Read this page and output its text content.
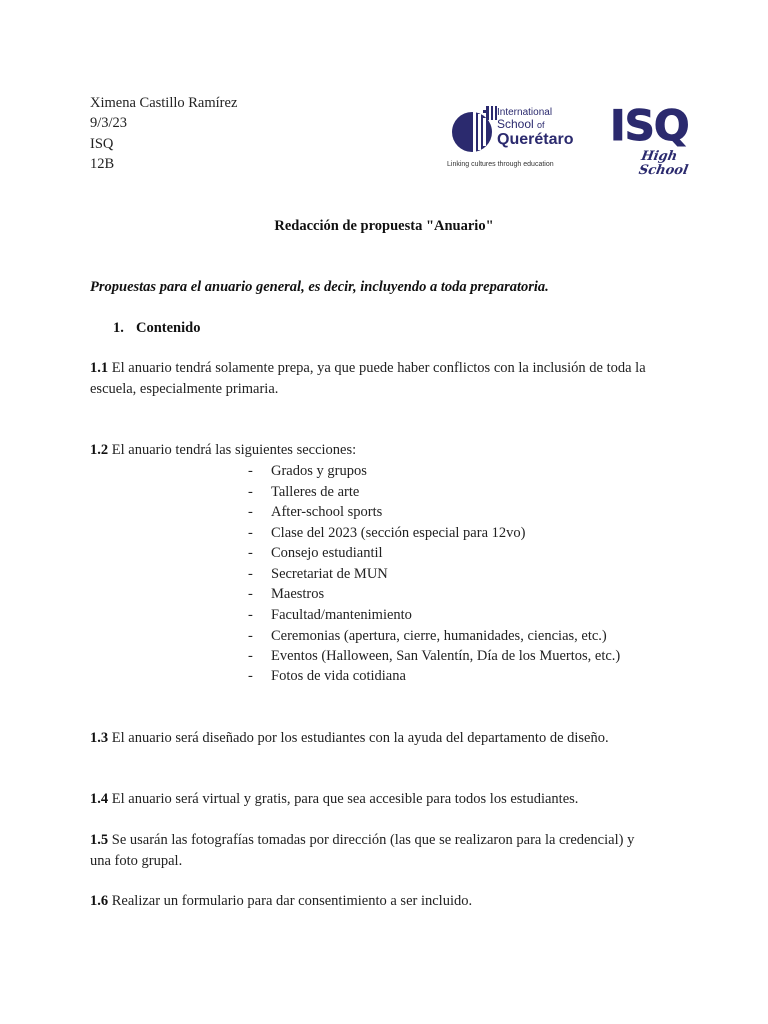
Ximena Castillo Ramírez
9/3/23
ISQ
12B
International
School of
Querétaro
Linking cultures through education
ISQ
High School
Redacción de propuesta "Anuario"
Propuestas para el anuario general, es decir, incluyendo a toda preparatoria.
1. Contenido
1.1 El anuario tendrá solamente prepa, ya que puede haber conflictos con la inclusión de toda la
escuela, especialmente primaria.
1.2 El anuario tendrá las siguientes secciones:
- Grados y grupos
- Talleres de arte
- After-school sports
- Clase del 2023 (sección especial para 12vo)
- Consejo estudiantil
- Secretariat de MUN
- Maestros
- Facultad/mantenimiento
- Ceremonias (apertura, cierre, humanidades, ciencias, etc.)
- Eventos (Halloween, San Valentín, Día de los Muertos, etc.)
- Fotos de vida cotidiana
1.3 El anuario será diseñado por los estudiantes con la ayuda del departamento de diseño.
1.4 El anuario será virtual y gratis, para que sea accesible para todos los estudiantes.
1.5 Se usarán las fotografías tomadas por dirección (las que se realizaron para la credencial) y
una foto grupal.
1.6 Realizar un formulario para dar consentimiento a ser incluido.
